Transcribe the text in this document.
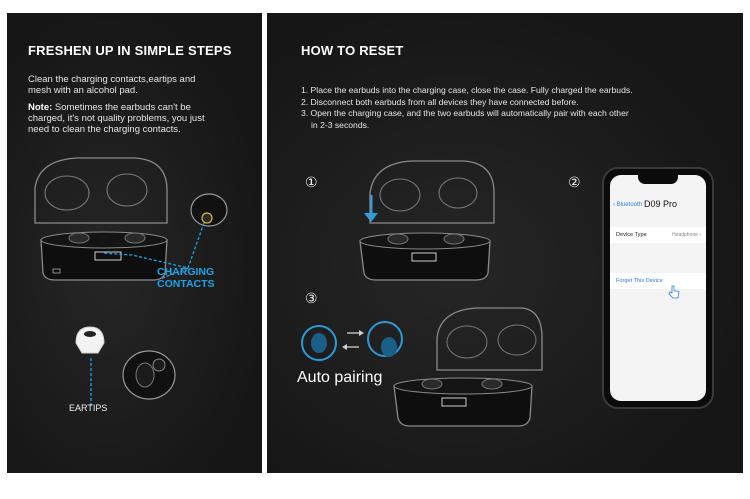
FRESHEN UP IN SIMPLE STEPS

Clean the charging contacts,eartips and

mesh with an alcohol pad.

Note: Sometimes the earbuds can't be

charged, it's not quality problems, you just

need to clean the charging contacts.

CHARGING
CONTACTS
EARTIPS
HOW TO RESET
1. Place the earbuds into the charging case, close the case. Fully charged the earbuds.
2. Disconnect both earbuds from all devices they have connected before.
3. Open the charging case, and the two earbuds will automatically pair with each other
in 2-3 seconds.
①	②
③
Auto pairing
‹ Bluetooth D09 Pro
Device Type	Headphone ›
Forget This Device
